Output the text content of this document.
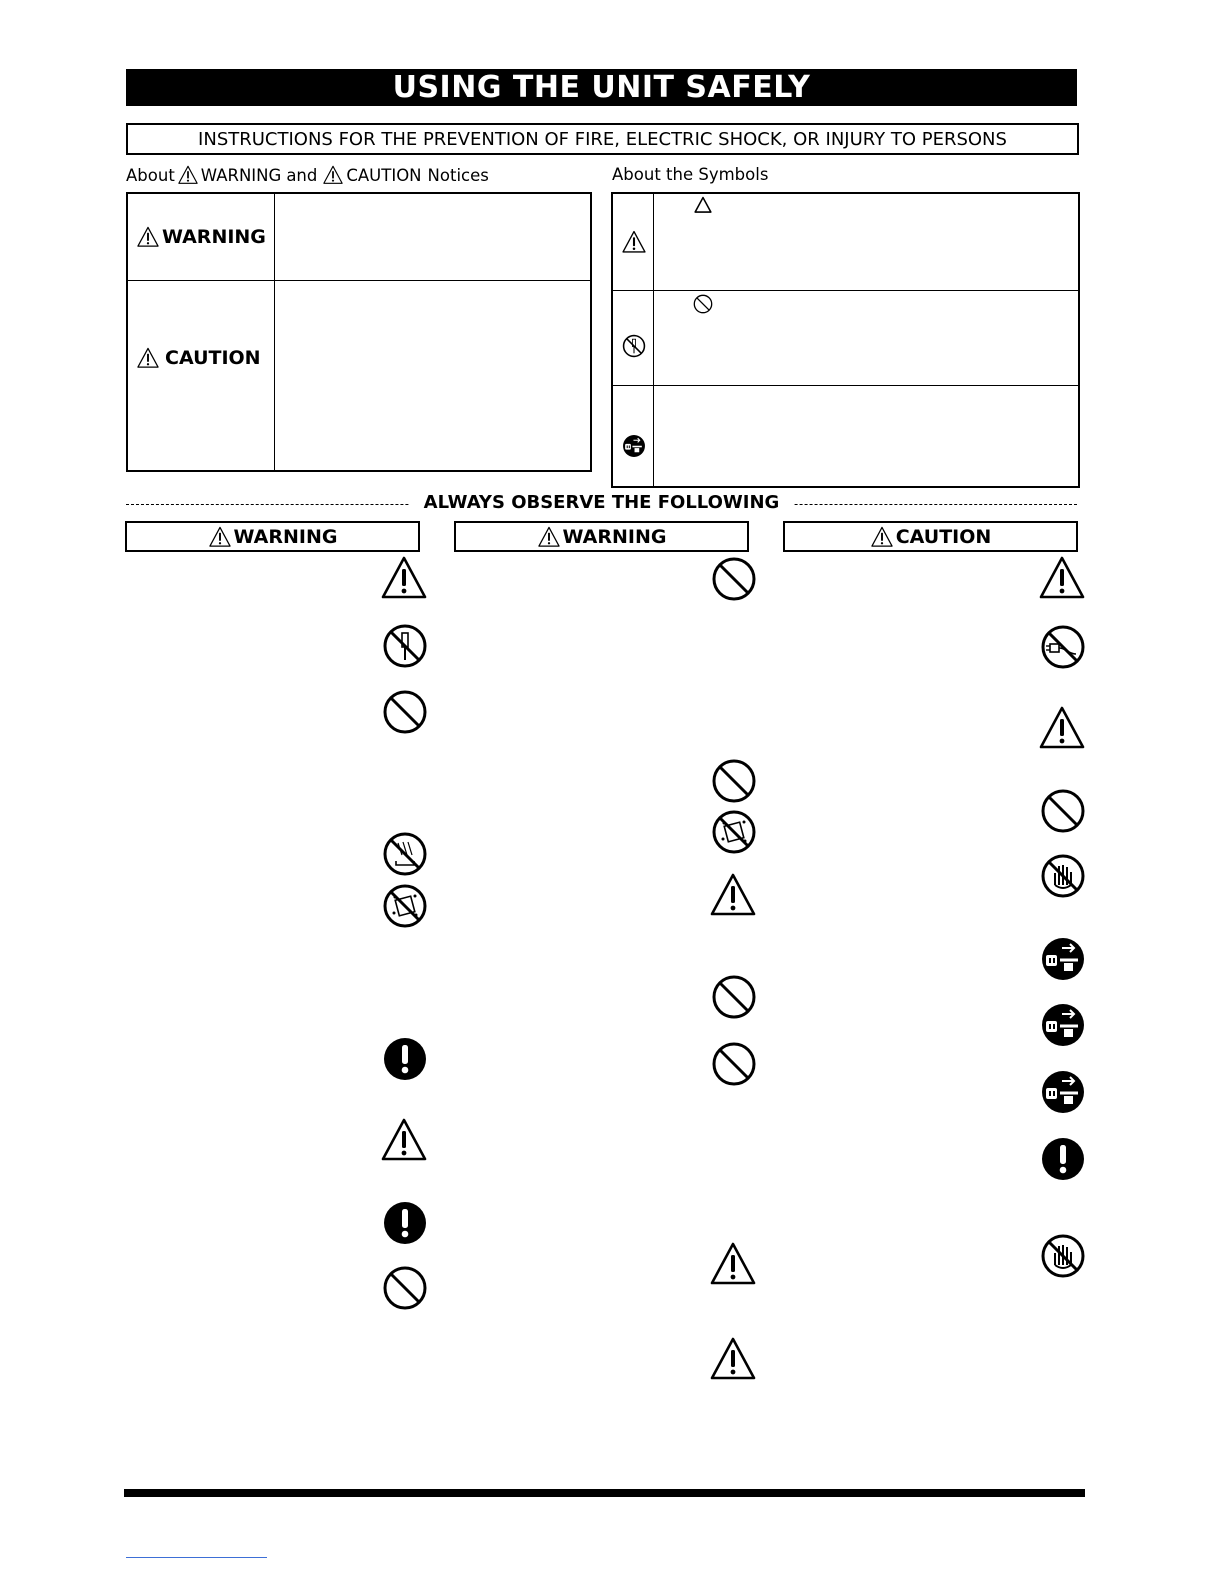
USING THE UNIT SAFELY
INSTRUCTIONS FOR THE PREVENTION OF FIRE, ELECTRIC SHOCK, OR INJURY TO PERSONS
About WARNING and CAUTION Notices
WARNING
CAUTION
About the Symbols
ALWAYS OBSERVE THE FOLLOWING
WARNING	WARNING	CAUTION
